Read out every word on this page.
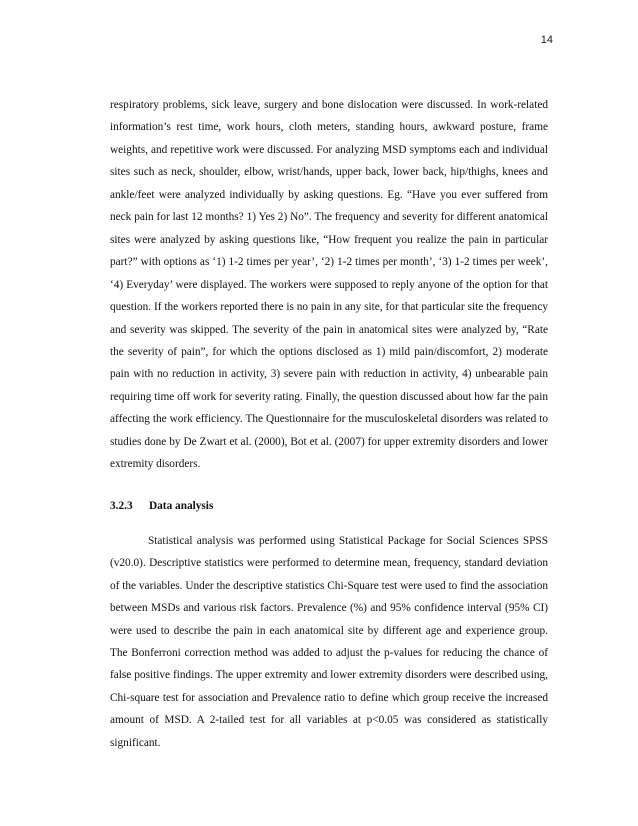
14

respiratory problems, sick leave, surgery and bone dislocation were discussed. In work-related information’s rest time, work hours, cloth meters, standing hours, awkward posture, frame weights, and repetitive work were discussed. For analyzing MSD symptoms each and individual sites such as neck, shoulder, elbow, wrist/hands, upper back, lower back, hip/thighs, knees and ankle/feet were analyzed individually by asking questions. Eg. “Have you ever suffered from neck pain for last 12 months? 1) Yes 2) No”. The frequency and severity for different anatomical sites were analyzed by asking questions like, “How frequent you realize the pain in particular part?” with options as ‘1) 1-2 times per year’, ‘2) 1-2 times per month’, ‘3) 1-2 times per week’, ‘4) Everyday’ were displayed. The workers were supposed to reply anyone of the option for that question. If the workers reported there is no pain in any site, for that particular site the frequency and severity was skipped. The severity of the pain in anatomical sites were analyzed by, “Rate the severity of pain”, for which the options disclosed as 1) mild pain/discomfort, 2) moderate pain with no reduction in activity, 3) severe pain with reduction in activity, 4) unbearable pain requiring time off work for severity rating. Finally, the question discussed about how far the pain affecting the work efficiency. The Questionnaire for the musculoskeletal disorders was related to studies done by De Zwart et al. (2000), Bot et al. (2007) for upper extremity disorders and lower extremity disorders.

3.2.3 Data analysis

Statistical analysis was performed using Statistical Package for Social Sciences SPSS (v20.0). Descriptive statistics were performed to determine mean, frequency, standard deviation of the variables. Under the descriptive statistics Chi-Square test were used to find the association between MSDs and various risk factors. Prevalence (%) and 95% confidence interval (95% CI) were used to describe the pain in each anatomical site by different age and experience group. The Bonferroni correction method was added to adjust the p-values for reducing the chance of false positive findings. The upper extremity and lower extremity disorders were described using, Chi-square test for association and Prevalence ratio to define which group receive the increased amount of MSD. A 2-tailed test for all variables at p<0.05 was considered as statistically significant.
